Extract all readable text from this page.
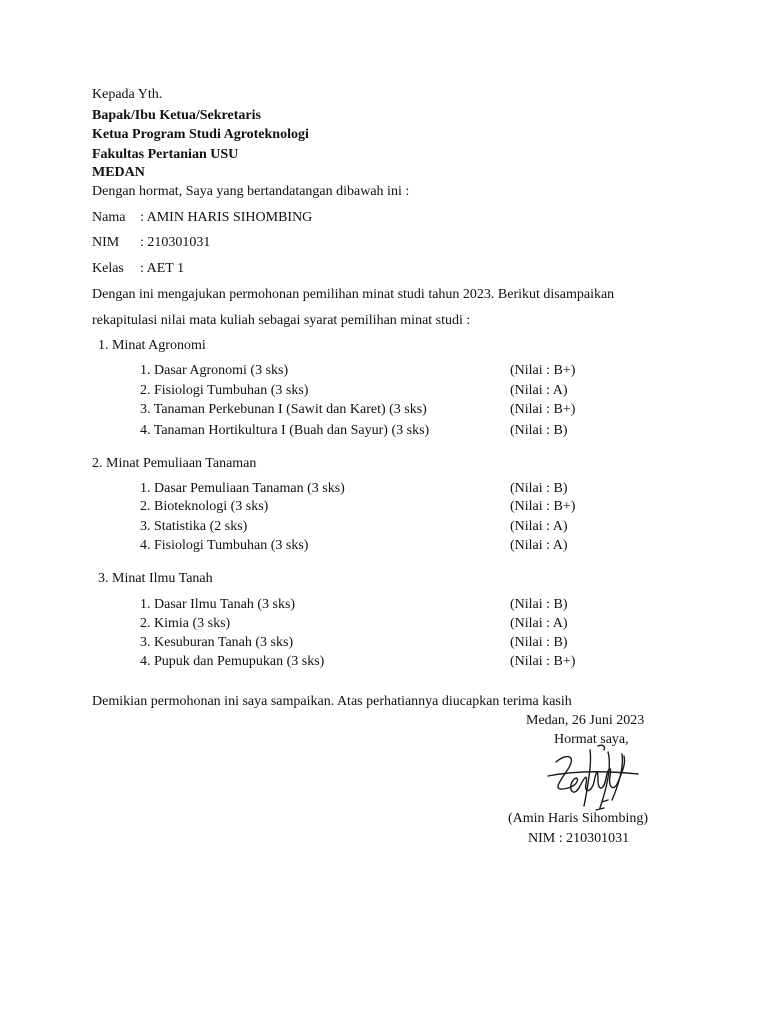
Kepada Yth.
Bapak/Ibu Ketua/Sekretaris
Ketua Program Studi Agroteknologi
Fakultas Pertanian USU
MEDAN
Dengan hormat, Saya yang bertandatangan dibawah ini :
Nama : AMIN HARIS SIHOMBING
NIM : 210301031
Kelas : AET 1
Dengan ini mengajukan permohonan pemilihan minat studi tahun 2023. Berikut disampaikan
rekapitulasi nilai mata kuliah sebagai syarat pemilihan minat studi :
1. Minat Agronomi
1. Dasar Agronomi (3 sks)	(Nilai : B+)
2. Fisiologi Tumbuhan (3 sks)	(Nilai : A)
3. Tanaman Perkebunan I (Sawit dan Karet) (3 sks)	(Nilai : B+)
4. Tanaman Hortikultura I (Buah dan Sayur) (3 sks)	(Nilai : B)
2. Minat Pemuliaan Tanaman
1. Dasar Pemuliaan Tanaman (3 sks)	(Nilai : B)
2. Bioteknologi (3 sks)	(Nilai : B+)
3. Statistika (2 sks)	(Nilai : A)
4. Fisiologi Tumbuhan (3 sks)	(Nilai : A)
3. Minat Ilmu Tanah
1. Dasar Ilmu Tanah (3 sks)	(Nilai : B)
2. Kimia (3 sks)	(Nilai : A)
3. Kesuburan Tanah (3 sks)	(Nilai : B)
4. Pupuk dan Pemupukan (3 sks)	(Nilai : B+)
Demikian permohonan ini saya sampaikan. Atas perhatiannya diucapkan terima kasih
Medan, 26 Juni 2023
Hormat saya,
(Amin Haris Sihombing)
NIM : 210301031
